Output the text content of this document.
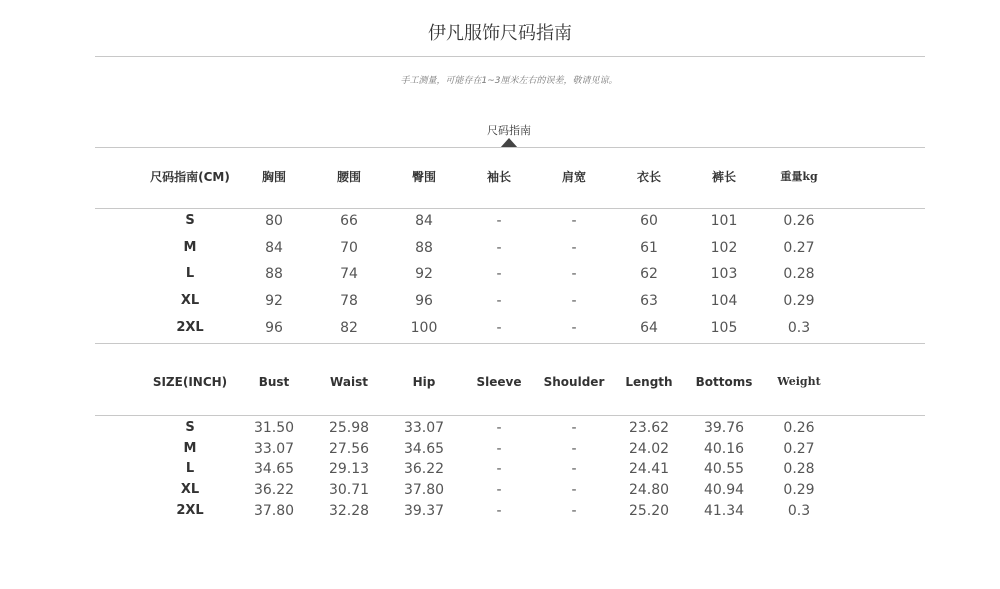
伊凡服饰尺码指南
手工测量，可能存在1~3厘米左右的误差，敬请见谅。
尺码指南
尺码指南(CM)	胸围	腰围	臀围	袖长	肩宽	衣长	裤长	重量kg
S	80	66	84	-	-	60	101	0.26
M	84	70	88	-	-	61	102	0.27
L	88	74	92	-	-	62	103	0.28
XL	92	78	96	-	-	63	104	0.29
2XL	96	82	100	-	-	64	105	0.3
SIZE(INCH)	Bust	Waist	Hip	Sleeve	Shoulder	Length	Bottoms	Weight
S	31.50	25.98	33.07	-	-	23.62	39.76	0.26
M	33.07	27.56	34.65	-	-	24.02	40.16	0.27
L	34.65	29.13	36.22	-	-	24.41	40.55	0.28
XL	36.22	30.71	37.80	-	-	24.80	40.94	0.29
2XL	37.80	32.28	39.37	-	-	25.20	41.34	0.3
